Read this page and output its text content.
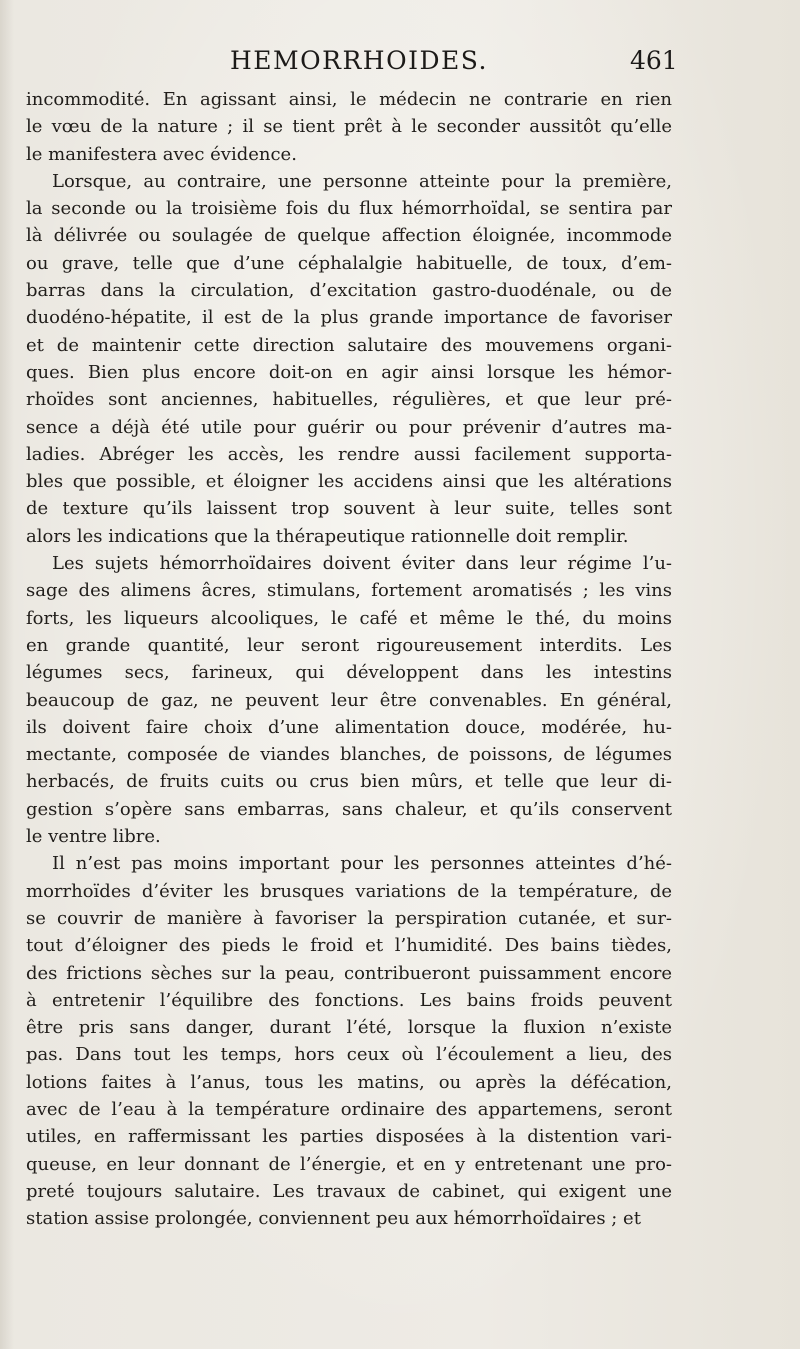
HEMORRHOIDES.	461
incommodité. En agissant ainsi, le médecin ne contrarie en rien
le vœu de la nature ; il se tient prêt à le seconder aussitôt qu’elle
le manifestera avec évidence.
Lorsque, au contraire, une personne atteinte pour la première,
la seconde ou la troisième fois du flux hémorrhoïdal, se sentira par
là délivrée ou soulagée de quelque affection éloignée, incommode
ou grave, telle que d’une céphalalgie habituelle, de toux, d’em-
barras dans la circulation, d’excitation gastro-duodénale, ou de
duodéno-hépatite, il est de la plus grande importance de favoriser
et de maintenir cette direction salutaire des mouvemens organi-
ques. Bien plus encore doit-on en agir ainsi lorsque les hémor-
rhoïdes sont anciennes, habituelles, régulières, et que leur pré-
sence a déjà été utile pour guérir ou pour prévenir d’autres ma-
ladies. Abréger les accès, les rendre aussi facilement supporta-
bles que possible, et éloigner les accidens ainsi que les altérations
de texture qu’ils laissent trop souvent à leur suite, telles sont
alors les indications que la thérapeutique rationnelle doit remplir.
Les sujets hémorrhoïdaires doivent éviter dans leur régime l’u-
sage des alimens âcres, stimulans, fortement aromatisés ; les vins
forts, les liqueurs alcooliques, le café et même le thé, du moins
en grande quantité, leur seront rigoureusement interdits. Les
légumes secs, farineux, qui développent dans les intestins
beaucoup de gaz, ne peuvent leur être convenables. En général,
ils doivent faire choix d’une alimentation douce, modérée, hu-
mectante, composée de viandes blanches, de poissons, de légumes
herbacés, de fruits cuits ou crus bien mûrs, et telle que leur di-
gestion s’opère sans embarras, sans chaleur, et qu’ils conservent
le ventre libre.
Il n’est pas moins important pour les personnes atteintes d’hé-
morrhoïdes d’éviter les brusques variations de la température, de
se couvrir de manière à favoriser la perspiration cutanée, et sur-
tout d’éloigner des pieds le froid et l’humidité. Des bains tièdes,
des frictions sèches sur la peau, contribueront puissamment encore
à entretenir l’équilibre des fonctions. Les bains froids peuvent
être pris sans danger, durant l’été, lorsque la fluxion n’existe
pas. Dans tout les temps, hors ceux où l’écoulement a lieu, des
lotions faites à l’anus, tous les matins, ou après la défécation,
avec de l’eau à la température ordinaire des appartemens, seront
utiles, en raffermissant les parties disposées à la distention vari-
queuse, en leur donnant de l’énergie, et en y entretenant une pro-
preté toujours salutaire. Les travaux de cabinet, qui exigent une
station assise prolongée, conviennent peu aux hémorrhoïdaires ; et
